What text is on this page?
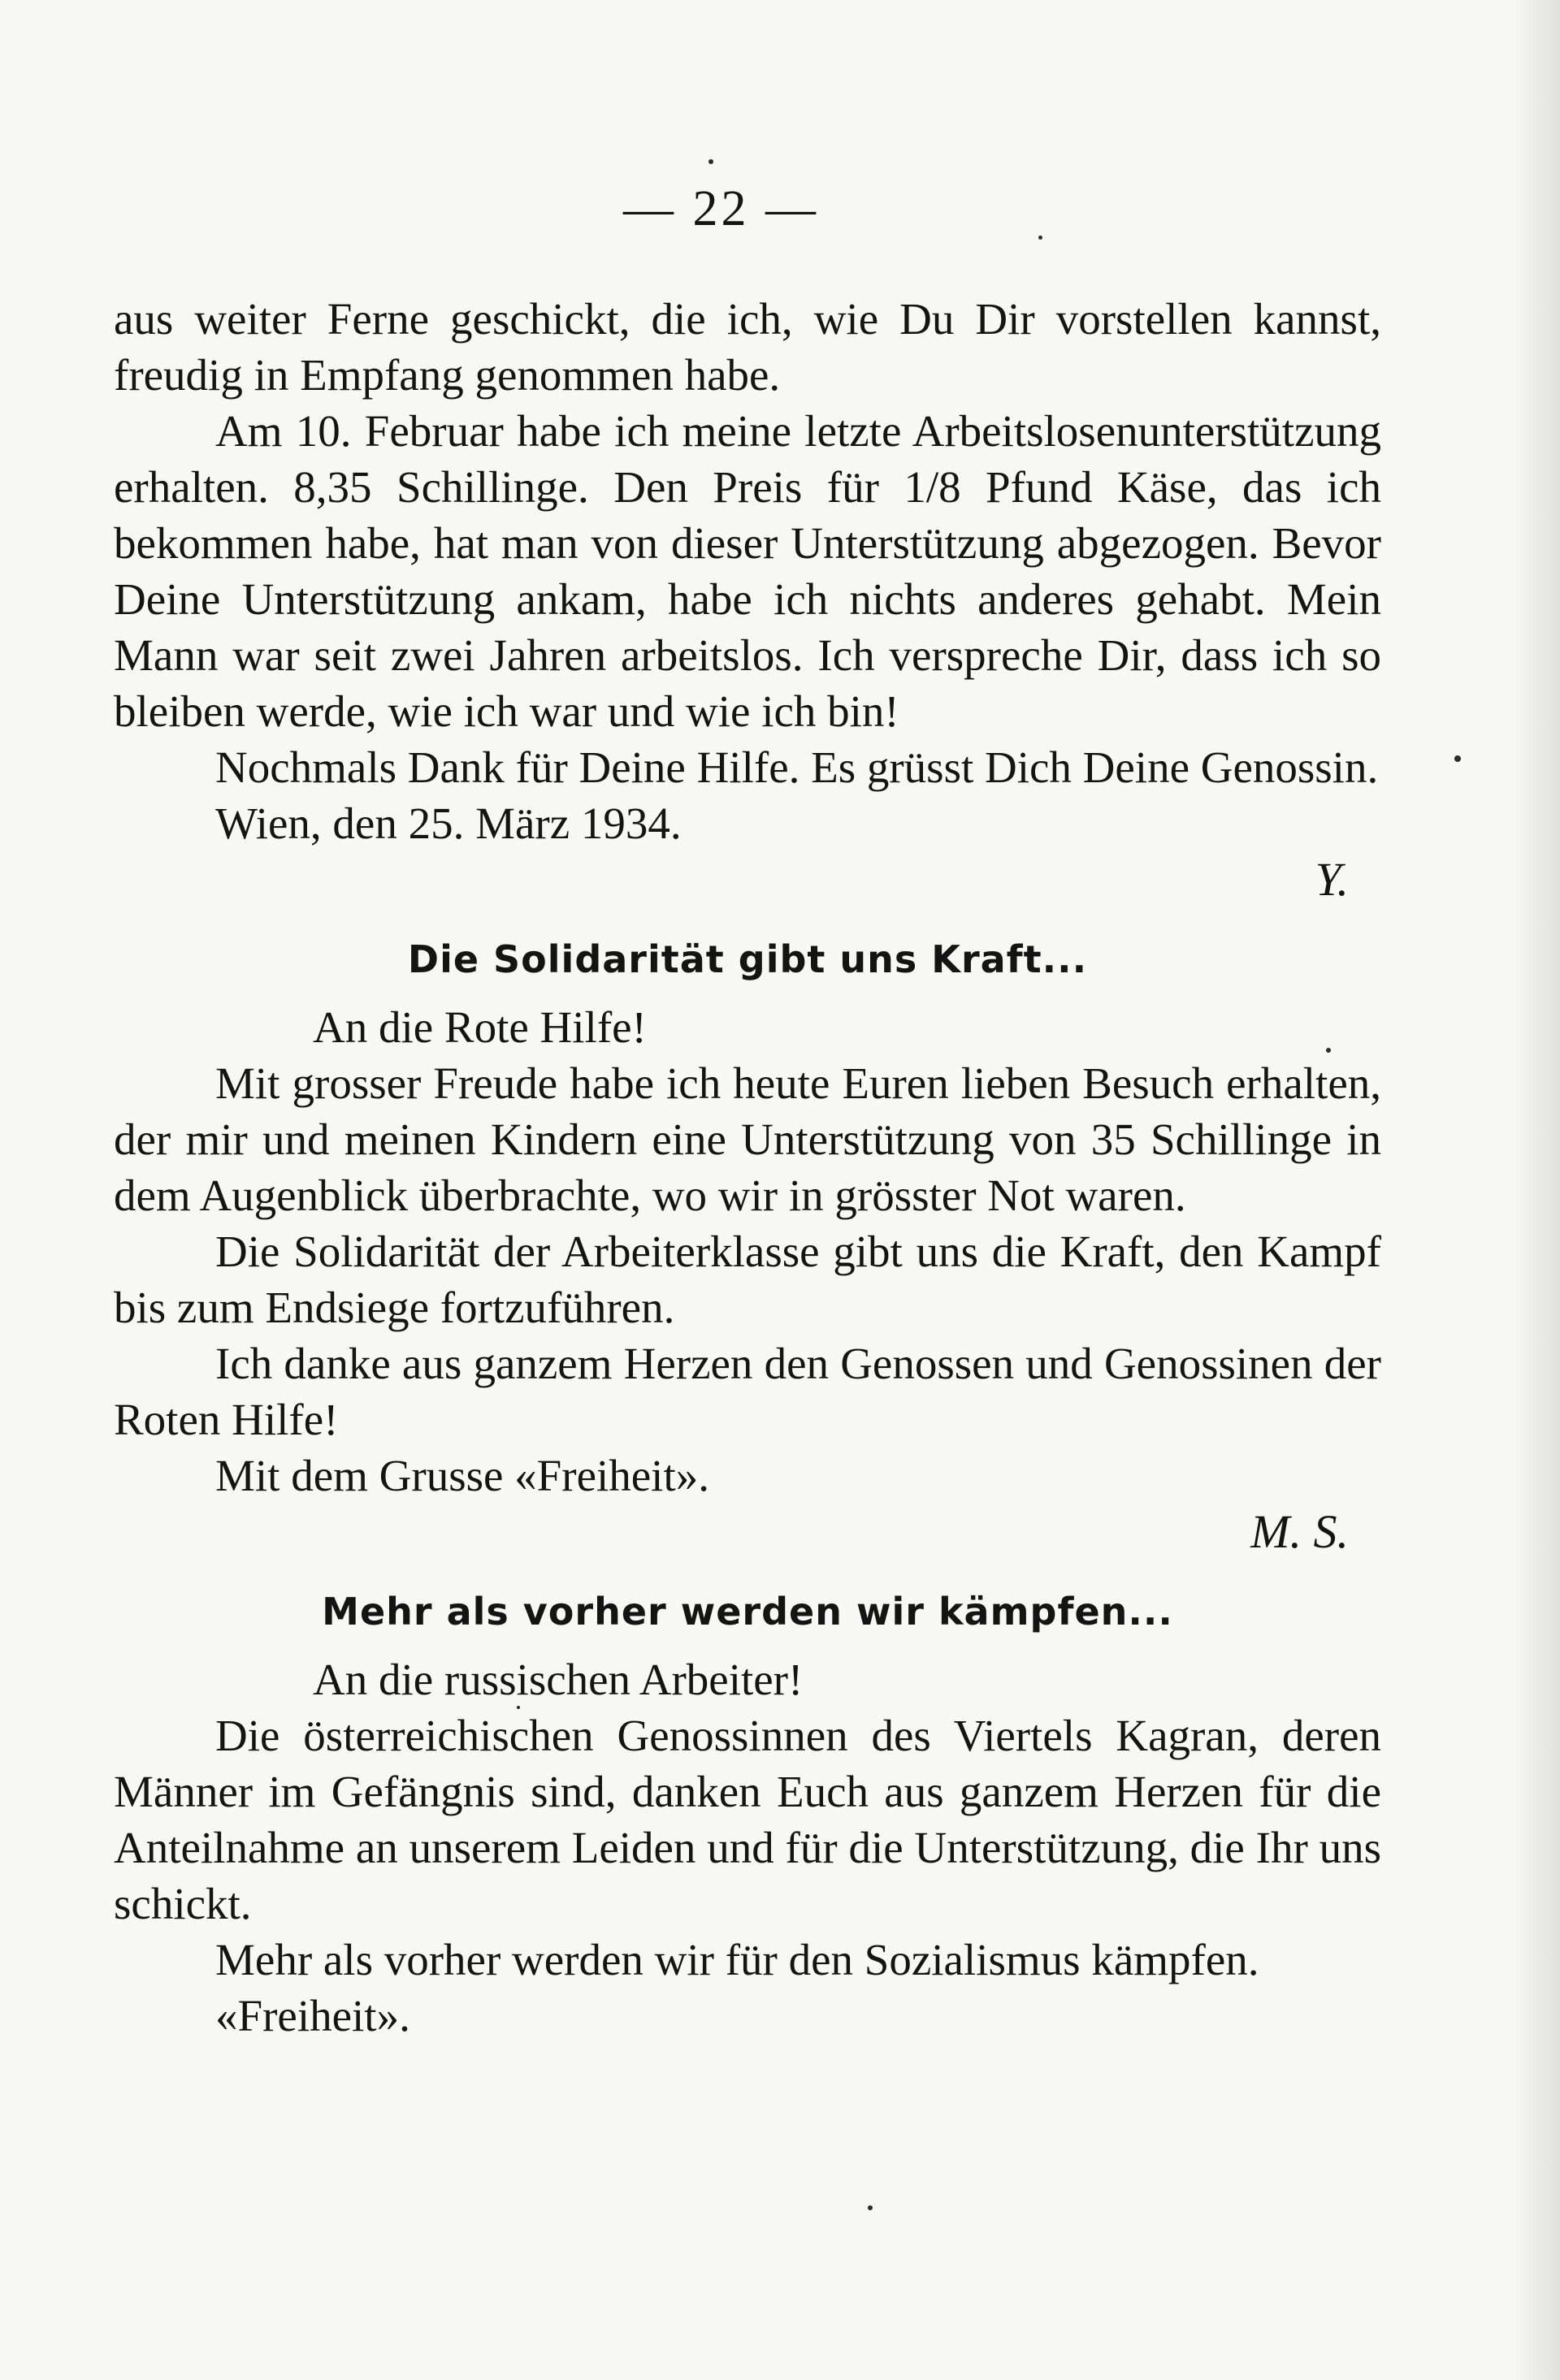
— 22 —

aus weiter Ferne geschickt, die ich, wie Du Dir vorstellen kannst, freudig in Empfang genommen habe.

Am 10. Februar habe ich meine letzte Arbeitslosenunterstützung erhalten. 8,35 Schillinge. Den Preis für 1/8 Pfund Käse, das ich bekommen habe, hat man von dieser Unterstützung abgezogen. Bevor Deine Unterstützung ankam, habe ich nichts anderes gehabt. Mein Mann war seit zwei Jahren arbeitslos. Ich verspreche Dir, dass ich so bleiben werde, wie ich war und wie ich bin!

Nochmals Dank für Deine Hilfe. Es grüsst Dich Deine Genossin.

Wien, den 25. März 1934.

Y.

Die Solidarität gibt uns Kraft...

An die Rote Hilfe!

Mit grosser Freude habe ich heute Euren lieben Besuch erhalten, der mir und meinen Kindern eine Unterstützung von 35 Schillinge in dem Augenblick überbrachte, wo wir in grösster Not waren.

Die Solidarität der Arbeiterklasse gibt uns die Kraft, den Kampf bis zum Endsiege fortzuführen.

Ich danke aus ganzem Herzen den Genossen und Genossinen der Roten Hilfe!

Mit dem Grusse «Freiheit».

M. S.

Mehr als vorher werden wir kämpfen...

An die russischen Arbeiter!

Die österreichischen Genossinnen des Viertels Kagran, deren Männer im Gefängnis sind, danken Euch aus ganzem Herzen für die Anteilnahme an unserem Leiden und für die Unterstützung, die Ihr uns schickt.

Mehr als vorher werden wir für den Sozialismus kämpfen.

«Freiheit».
